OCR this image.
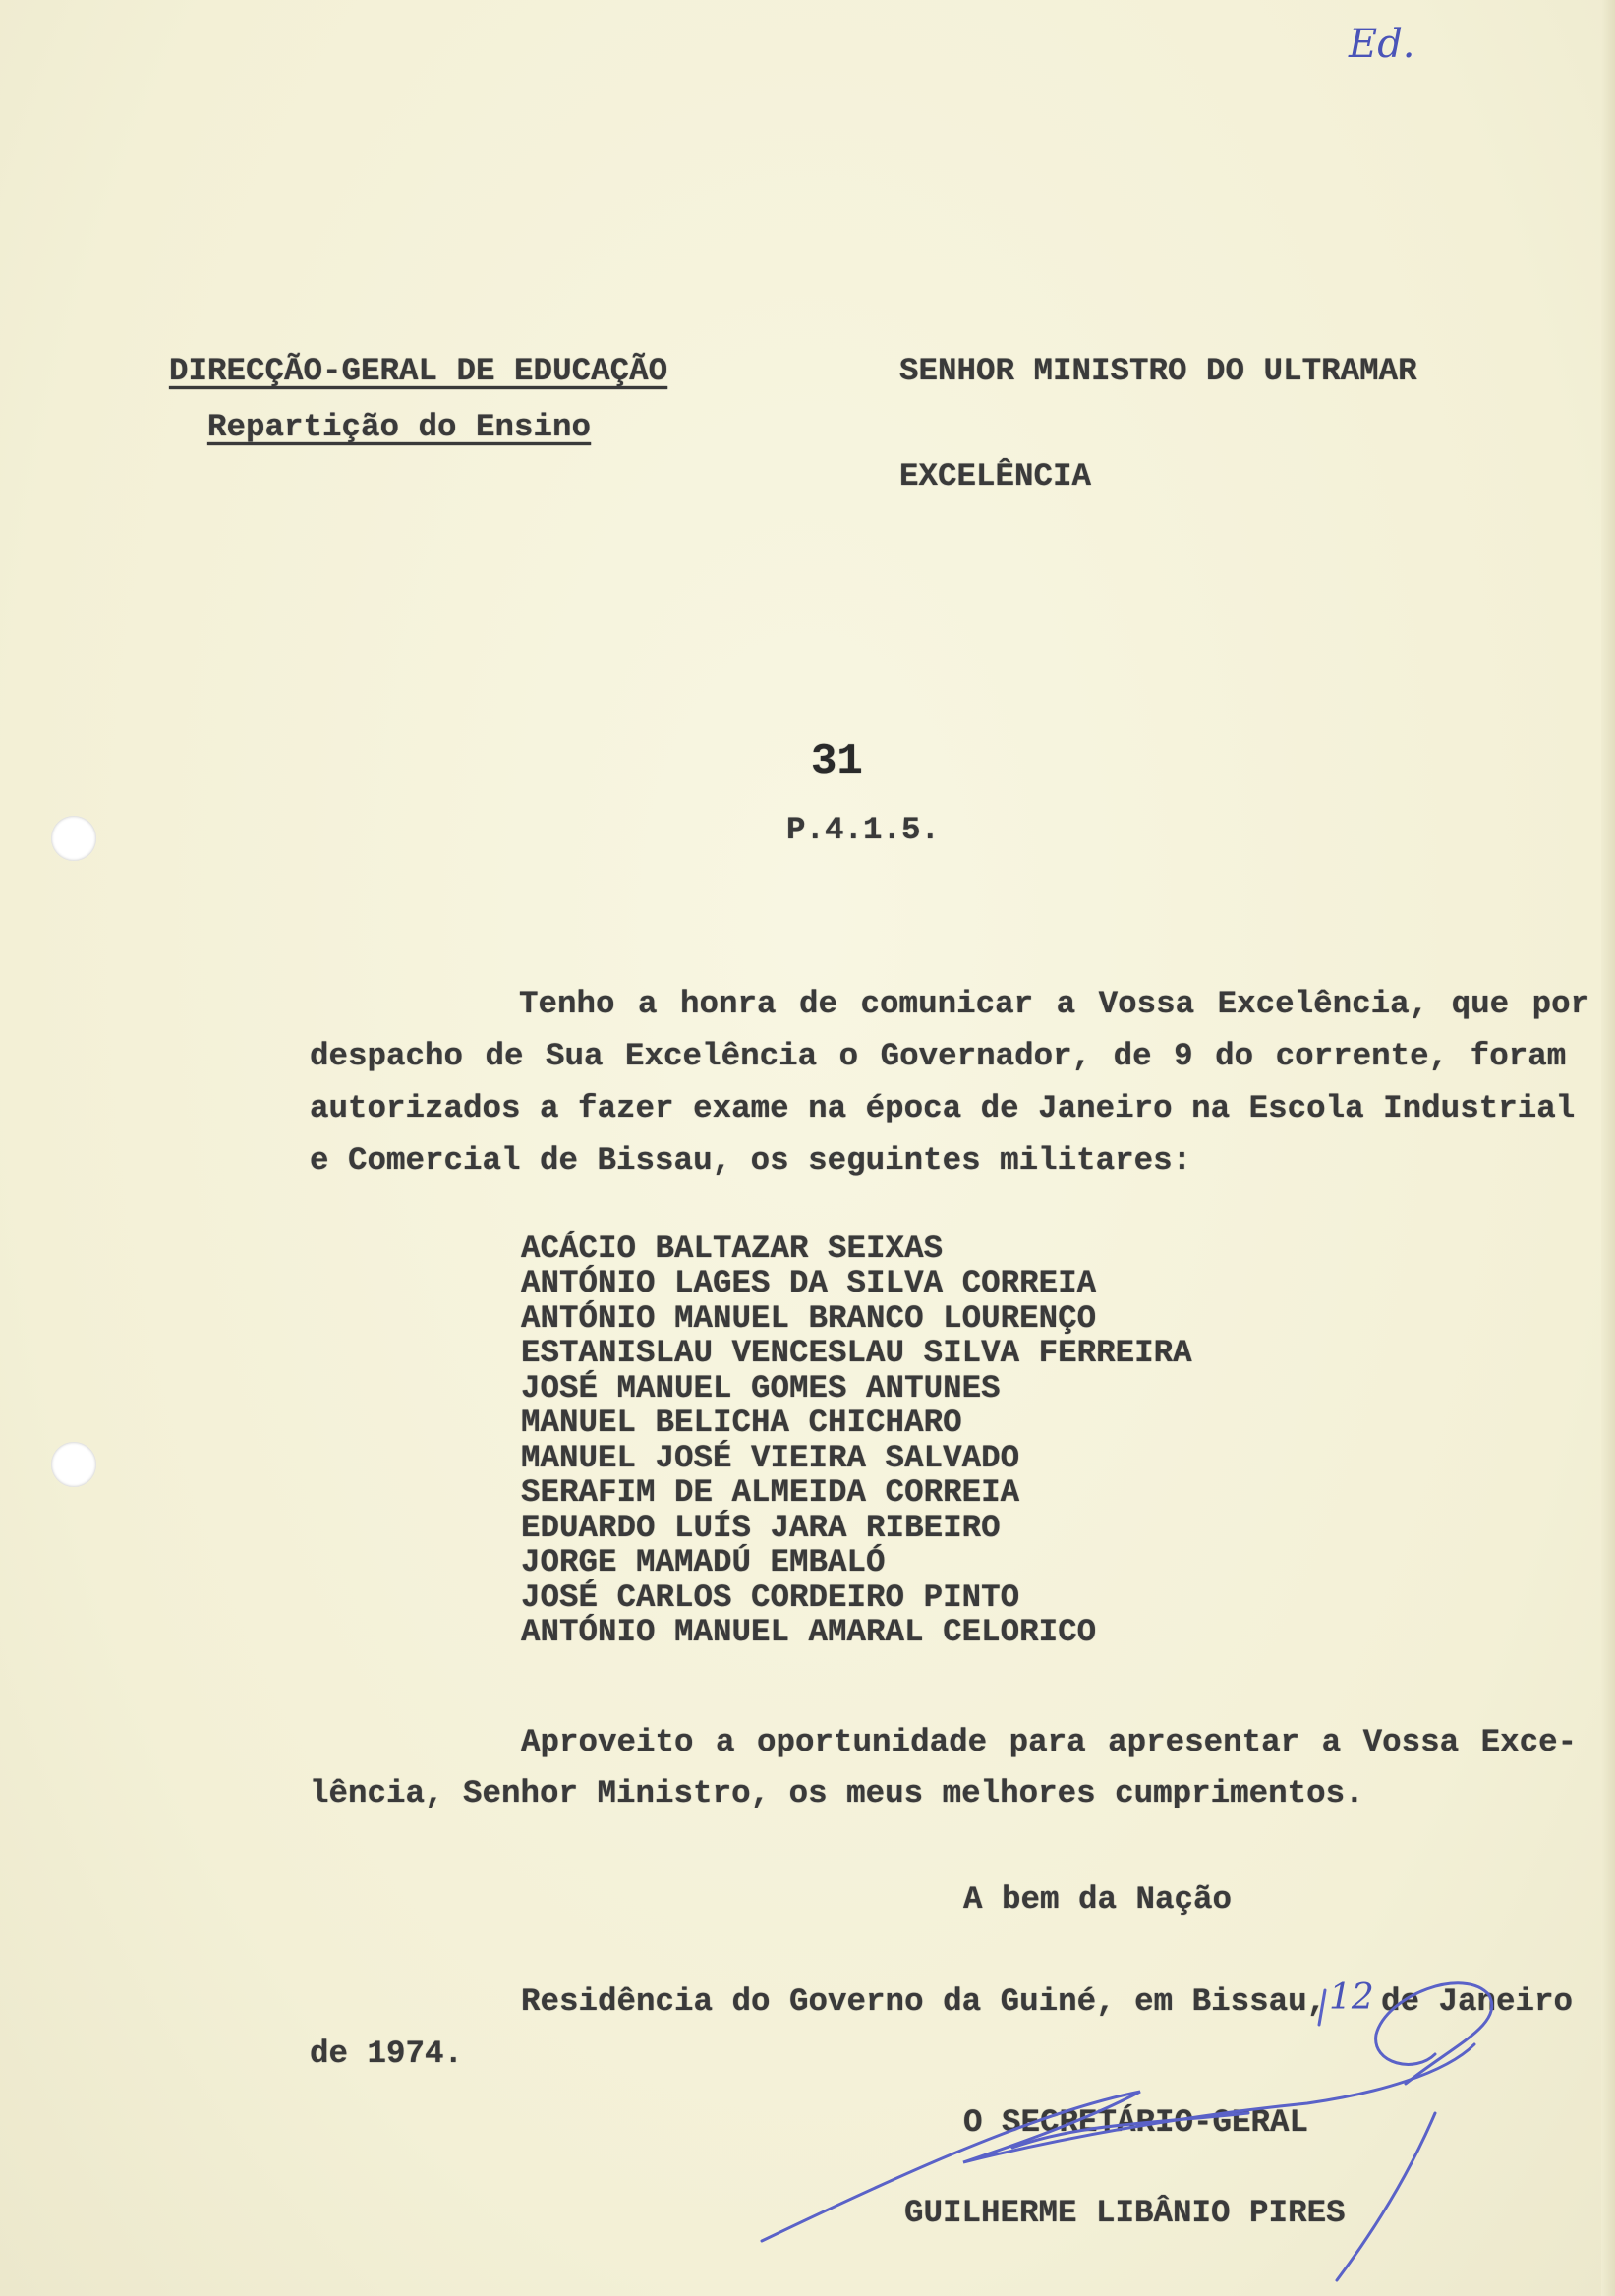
Ed.
DIRECÇÃO-GERAL DE EDUCAÇÃO
Repartição do Ensino
SENHOR MINISTRO DO ULTRAMAR
EXCELÊNCIA
31
P.4.1.5.
Tenho a honra de comunicar a Vossa Excelência, que por
despacho de Sua Excelência o Governador, de 9 do corrente, foram
autorizados a fazer exame na época de Janeiro na Escola Industrial
e Comercial de Bissau, os seguintes militares:
ACÁCIO BALTAZAR SEIXAS
ANTÓNIO LAGES DA SILVA CORREIA
ANTÓNIO MANUEL BRANCO LOURENÇO
ESTANISLAU VENCESLAU SILVA FERREIRA
JOSÉ MANUEL GOMES ANTUNES
MANUEL BELICHA CHICHARO
MANUEL JOSÉ VIEIRA SALVADO
SERAFIM DE ALMEIDA CORREIA
EDUARDO LUÍS JARA RIBEIRO
JORGE MAMADÚ EMBALÓ
JOSÉ CARLOS CORDEIRO PINTO
ANTÓNIO MANUEL AMARAL CELORICO
Aproveito a oportunidade para apresentar a Vossa Exce-
lência, Senhor Ministro, os meus melhores cumprimentos.
A bem da Nação
Residência do Governo da Guiné, em Bissau, 12 de Janeiro
de 1974.
O SECRETÁRIO-GERAL
GUILHERME LIBÂNIO PIRES
